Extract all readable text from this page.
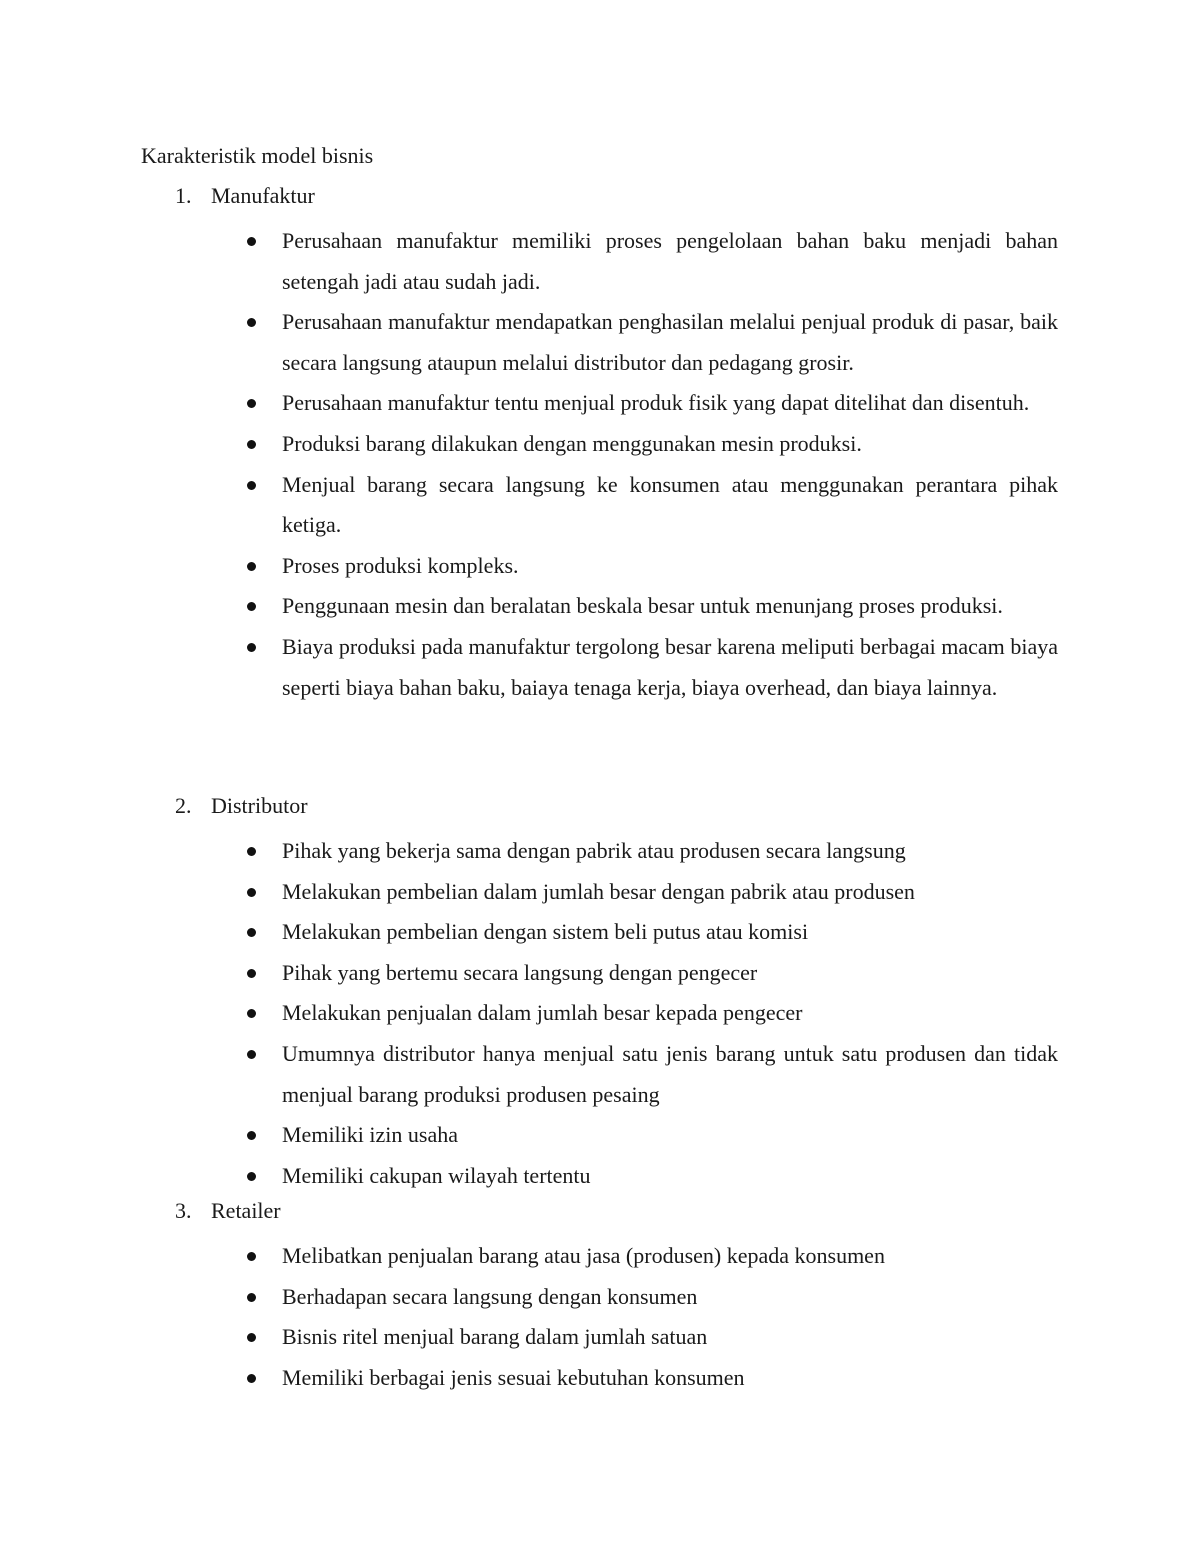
Karakteristik model bisnis
1. Manufaktur
Perusahaan manufaktur memiliki proses pengelolaan bahan baku menjadi bahan setengah jadi atau sudah jadi.
Perusahaan manufaktur mendapatkan penghasilan melalui penjual produk di pasar, baik secara langsung ataupun melalui distributor dan pedagang grosir.
Perusahaan manufaktur tentu menjual produk fisik yang dapat ditelihat dan disentuh.
Produksi barang dilakukan dengan menggunakan mesin produksi.
Menjual barang secara langsung ke konsumen atau menggunakan perantara pihak ketiga.
Proses produksi kompleks.
Penggunaan mesin dan beralatan beskala besar untuk menunjang proses produksi.
Biaya produksi pada manufaktur tergolong besar karena meliputi berbagai macam biaya seperti biaya bahan baku, baiaya tenaga kerja, biaya overhead, dan biaya lainnya.
2. Distributor
Pihak yang bekerja sama dengan pabrik atau produsen secara langsung
Melakukan pembelian dalam jumlah besar dengan pabrik atau produsen
Melakukan pembelian dengan sistem beli putus atau komisi
Pihak yang bertemu secara langsung dengan pengecer
Melakukan penjualan dalam jumlah besar kepada pengecer
Umumnya distributor hanya menjual satu jenis barang untuk satu produsen dan tidak menjual barang produksi produsen pesaing
Memiliki izin usaha
Memiliki cakupan wilayah tertentu
3. Retailer
Melibatkan penjualan barang atau jasa (produsen) kepada konsumen
Berhadapan secara langsung dengan konsumen
Bisnis ritel menjual barang dalam jumlah satuan
Memiliki berbagai jenis sesuai kebutuhan konsumen
